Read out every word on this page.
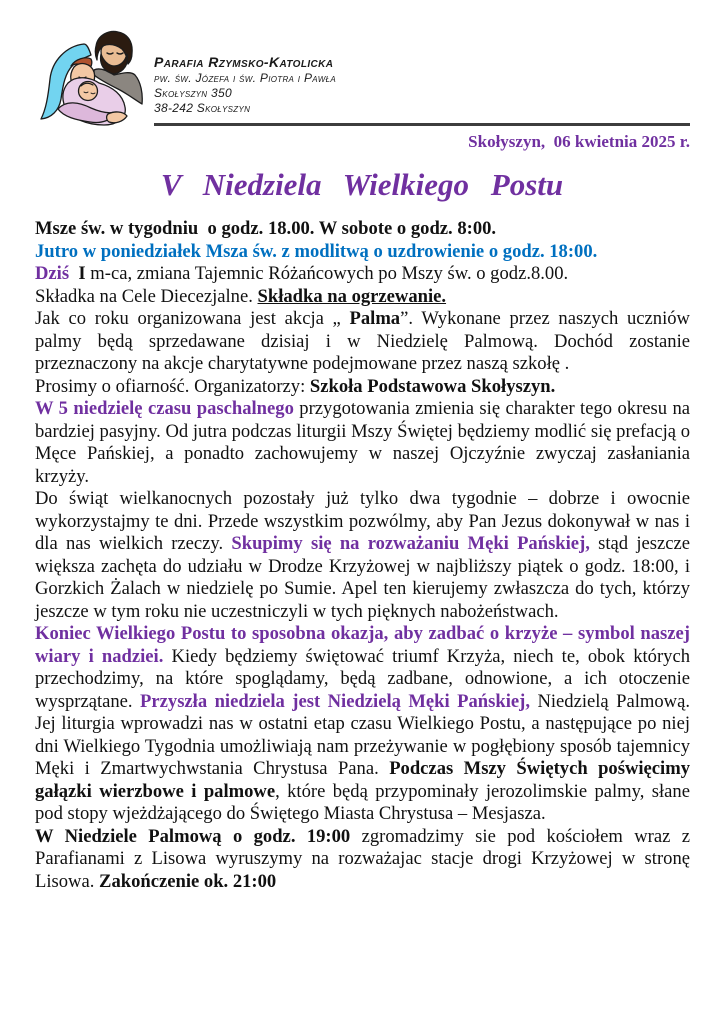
Parafia Rzymsko-Katolicka
pw. św. Józefa i św. Piotra i Pawła
Skołyszyn 350
38-242 Skołyszyn
Skołyszyn,  06 kwietnia 2025 r.
V Niedziela Wielkiego Postu
Msze św. w tygodniu  o godz. 18.00. W sobote o godz. 8:00.
Jutro w poniedziałek Msza św. z modlitwą o uzdrowienie o godz. 18:00.
Dziś  I m-ca, zmiana Tajemnic Różańcowych po Mszy św. o godz.8.00.
Składka na Cele Diecezjalne. Składka na ogrzewanie.
Jak co roku organizowana jest akcja „ Palma”. Wykonane przez naszych uczniów palmy będą sprzedawane dzisiaj i w Niedzielę Palmową. Dochód zostanie przeznaczony na akcje charytatywne podejmowane przez naszą szkołę .
Prosimy o ofiarność. Organizatorzy: Szkoła Podstawowa Skołyszyn.
W 5 niedzielę czasu paschalnego przygotowania zmienia się charakter tego okresu na bardziej pasyjny. Od jutra podczas liturgii Mszy Świętej będziemy modlić się prefacją o Męce Pańskiej, a ponadto zachowujemy w naszej Ojczyźnie zwyczaj zasłaniania krzyży.
Do świąt wielkanocnych pozostały już tylko dwa tygodnie – dobrze i owocnie wykorzystajmy te dni. Przede wszystkim pozwólmy, aby Pan Jezus dokonywał w nas i dla nas wielkich rzeczy. Skupimy się na rozważaniu Męki Pańskiej, stąd jeszcze większa zachęta do udziału w Drodze Krzyżowej w najbliższy piątek o godz. 18:00, i Gorzkich Żalach w niedzielę po Sumie. Apel ten kierujemy zwłaszcza do tych, którzy jeszcze w tym roku nie uczestniczyli w tych pięknych nabożeństwach.
Koniec Wielkiego Postu to sposobna okazja, aby zadbać o krzyże – symbol naszej wiary i nadziei. Kiedy będziemy świętować triumf Krzyża, niech te, obok których przechodzimy, na które spoglądamy, będą zadbane, odnowione, a ich otoczenie wysprzątane. Przyszła niedziela jest Niedzielą Męki Pańskiej, Niedzielą Palmową. Jej liturgia wprowadzi nas w ostatni etap czasu Wielkiego Postu, a następujące po niej dni Wielkiego Tygodnia umożliwiają nam przeżywanie w pogłębiony sposób tajemnicy Męki i Zmartwychwstania Chrystusa Pana. Podczas Mszy Świętych poświęcimy gałązki wierzbowe i palmowe, które będą przypominały jerozolimskie palmy, słane pod stopy wjeżdżającego do Świętego Miasta Chrystusa – Mesjasza.
W Niedziele Palmową o godz. 19:00 zgromadzimy sie pod kościołem wraz z Parafianami z Lisowa wyruszymy na rozważajac stacje drogi Krzyżowej w stronę Lisowa. Zakończenie ok. 21:00
